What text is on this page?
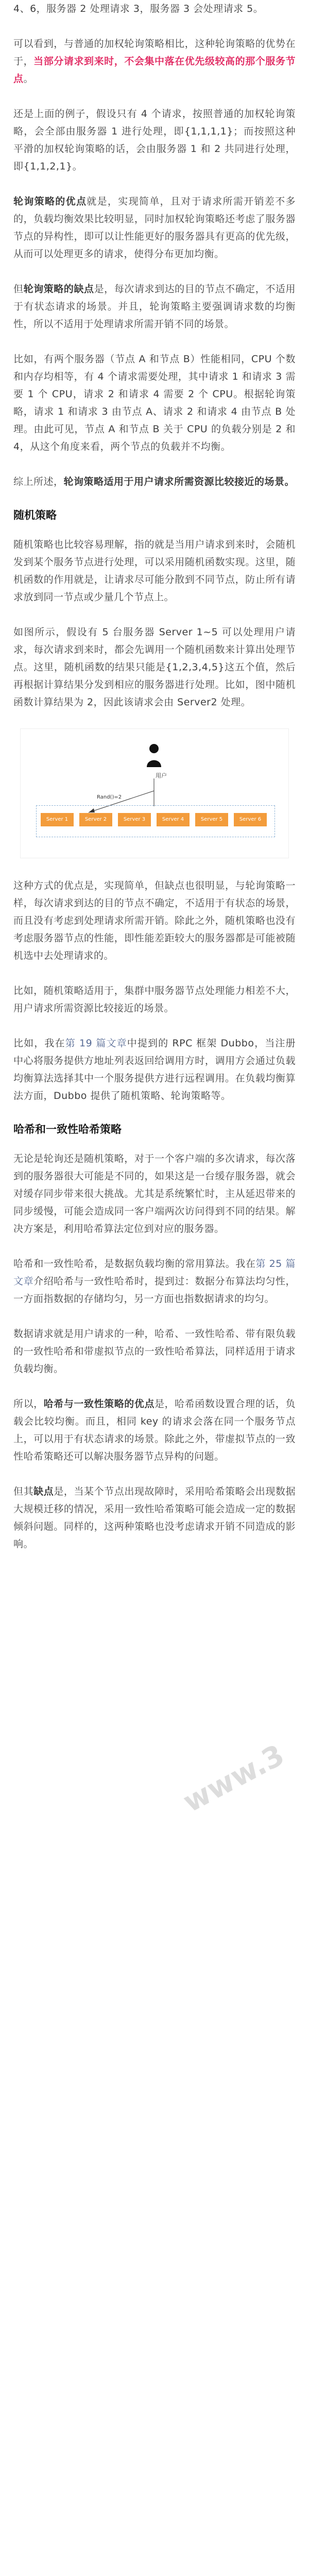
4、6，服务器 2 处理请求 3，服务器 3 会处理请求 5。

可以看到，与普通的加权轮询策略相比，这种轮询策略的优势在于，当部分请求到来时，不会集中落在优先级较高的那个服务节点。

还是上面的例子，假设只有 4 个请求，按照普通的加权轮询策略，会全部由服务器 1 进行处理，即{1,1,1,1}；而按照这种平滑的加权轮询策略的话，会由服务器 1 和 2 共同进行处理，即{1,1,2,1}。

轮询策略的优点就是，实现简单，且对于请求所需开销差不多的，负载均衡效果比较明显，同时加权轮询策略还考虑了服务器节点的异构性，即可以让性能更好的服务器具有更高的优先级，从而可以处理更多的请求，使得分布更加均衡。

但轮询策略的缺点是，每次请求到达的目的节点不确定，不适用于有状态请求的场景。并且，轮询策略主要强调请求数的均衡性，所以不适用于处理请求所需开销不同的场景。

比如，有两个服务器（节点 A 和节点 B）性能相同，CPU 个数和内存均相等，有 4 个请求需要处理，其中请求 1 和请求 3 需要 1 个 CPU，请求 2 和请求 4 需要 2 个 CPU。根据轮询策略，请求 1 和请求 3 由节点 A、请求 2 和请求 4 由节点 B 处理。由此可见，节点 A 和节点 B 关于 CPU 的负载分别是 2 和 4，从这个角度来看，两个节点的负载并不均衡。

综上所述，轮询策略适用于用户请求所需资源比较接近的场景。

随机策略

随机策略也比较容易理解，指的就是当用户请求到来时，会随机发到某个服务节点进行处理，可以采用随机函数实现。这里，随机函数的作用就是，让请求尽可能分散到不同节点，防止所有请求放到同一节点或少量几个节点上。

如图所示，假设有 5 台服务器 Server 1~5 可以处理用户请求，每次请求到来时，都会先调用一个随机函数来计算出处理节点。这里，随机函数的结果只能是{1,2,3,4,5}这五个值，然后再根据计算结果分发到相应的服务器进行处理。比如，图中随机函数计算结果为 2，因此该请求会由 Server2 处理。

用户
Rand()=2
Server 1	Server 2	Server 3	Server 4	Server 5	Server 6

这种方式的优点是，实现简单，但缺点也很明显，与轮询策略一样，每次请求到达的目的节点不确定，不适用于有状态的场景，而且没有考虑到处理请求所需开销。除此之外，随机策略也没有考虑服务器节点的性能，即性能差距较大的服务器都是可能被随机选中去处理请求的。

比如，随机策略适用于，集群中服务器节点处理能力相差不大，用户请求所需资源比较接近的场景。

比如，我在第 19 篇文章中提到的 RPC 框架 Dubbo，当注册中心将服务提供方地址列表返回给调用方时，调用方会通过负载均衡算法选择其中一个服务提供方进行远程调用。在负载均衡算法方面，Dubbo 提供了随机策略、轮询策略等。

哈希和一致性哈希策略

无论是轮询还是随机策略，对于一个客户端的多次请求，每次落到的服务器很大可能是不同的，如果这是一台缓存服务器，就会对缓存同步带来很大挑战。尤其是系统繁忙时，主从延迟带来的同步缓慢，可能会造成同一客户端两次访问得到不同的结果。解决方案是，利用哈希算法定位到对应的服务器。

哈希和一致性哈希，是数据负载均衡的常用算法。我在第 25 篇文章介绍哈希与一致性哈希时，提到过：数据分布算法均匀性，一方面指数据的存储均匀，另一方面也指数据请求的均匀。

数据请求就是用户请求的一种，哈希、一致性哈希、带有限负载的一致性哈希和带虚拟节点的一致性哈希算法，同样适用于请求负载均衡。

所以，哈希与一致性策略的优点是，哈希函数设置合理的话，负载会比较均衡。而且，相同 key 的请求会落在同一个服务节点上，可以用于有状态请求的场景。除此之外，带虚拟节点的一致性哈希策略还可以解决服务器节点异构的问题。

但其缺点是，当某个节点出现故障时，采用哈希策略会出现数据大规模迁移的情况，采用一致性哈希策略可能会造成一定的数据倾斜问题。同样的，这两种策略也没考虑请求开销不同造成的影响。

www.3
